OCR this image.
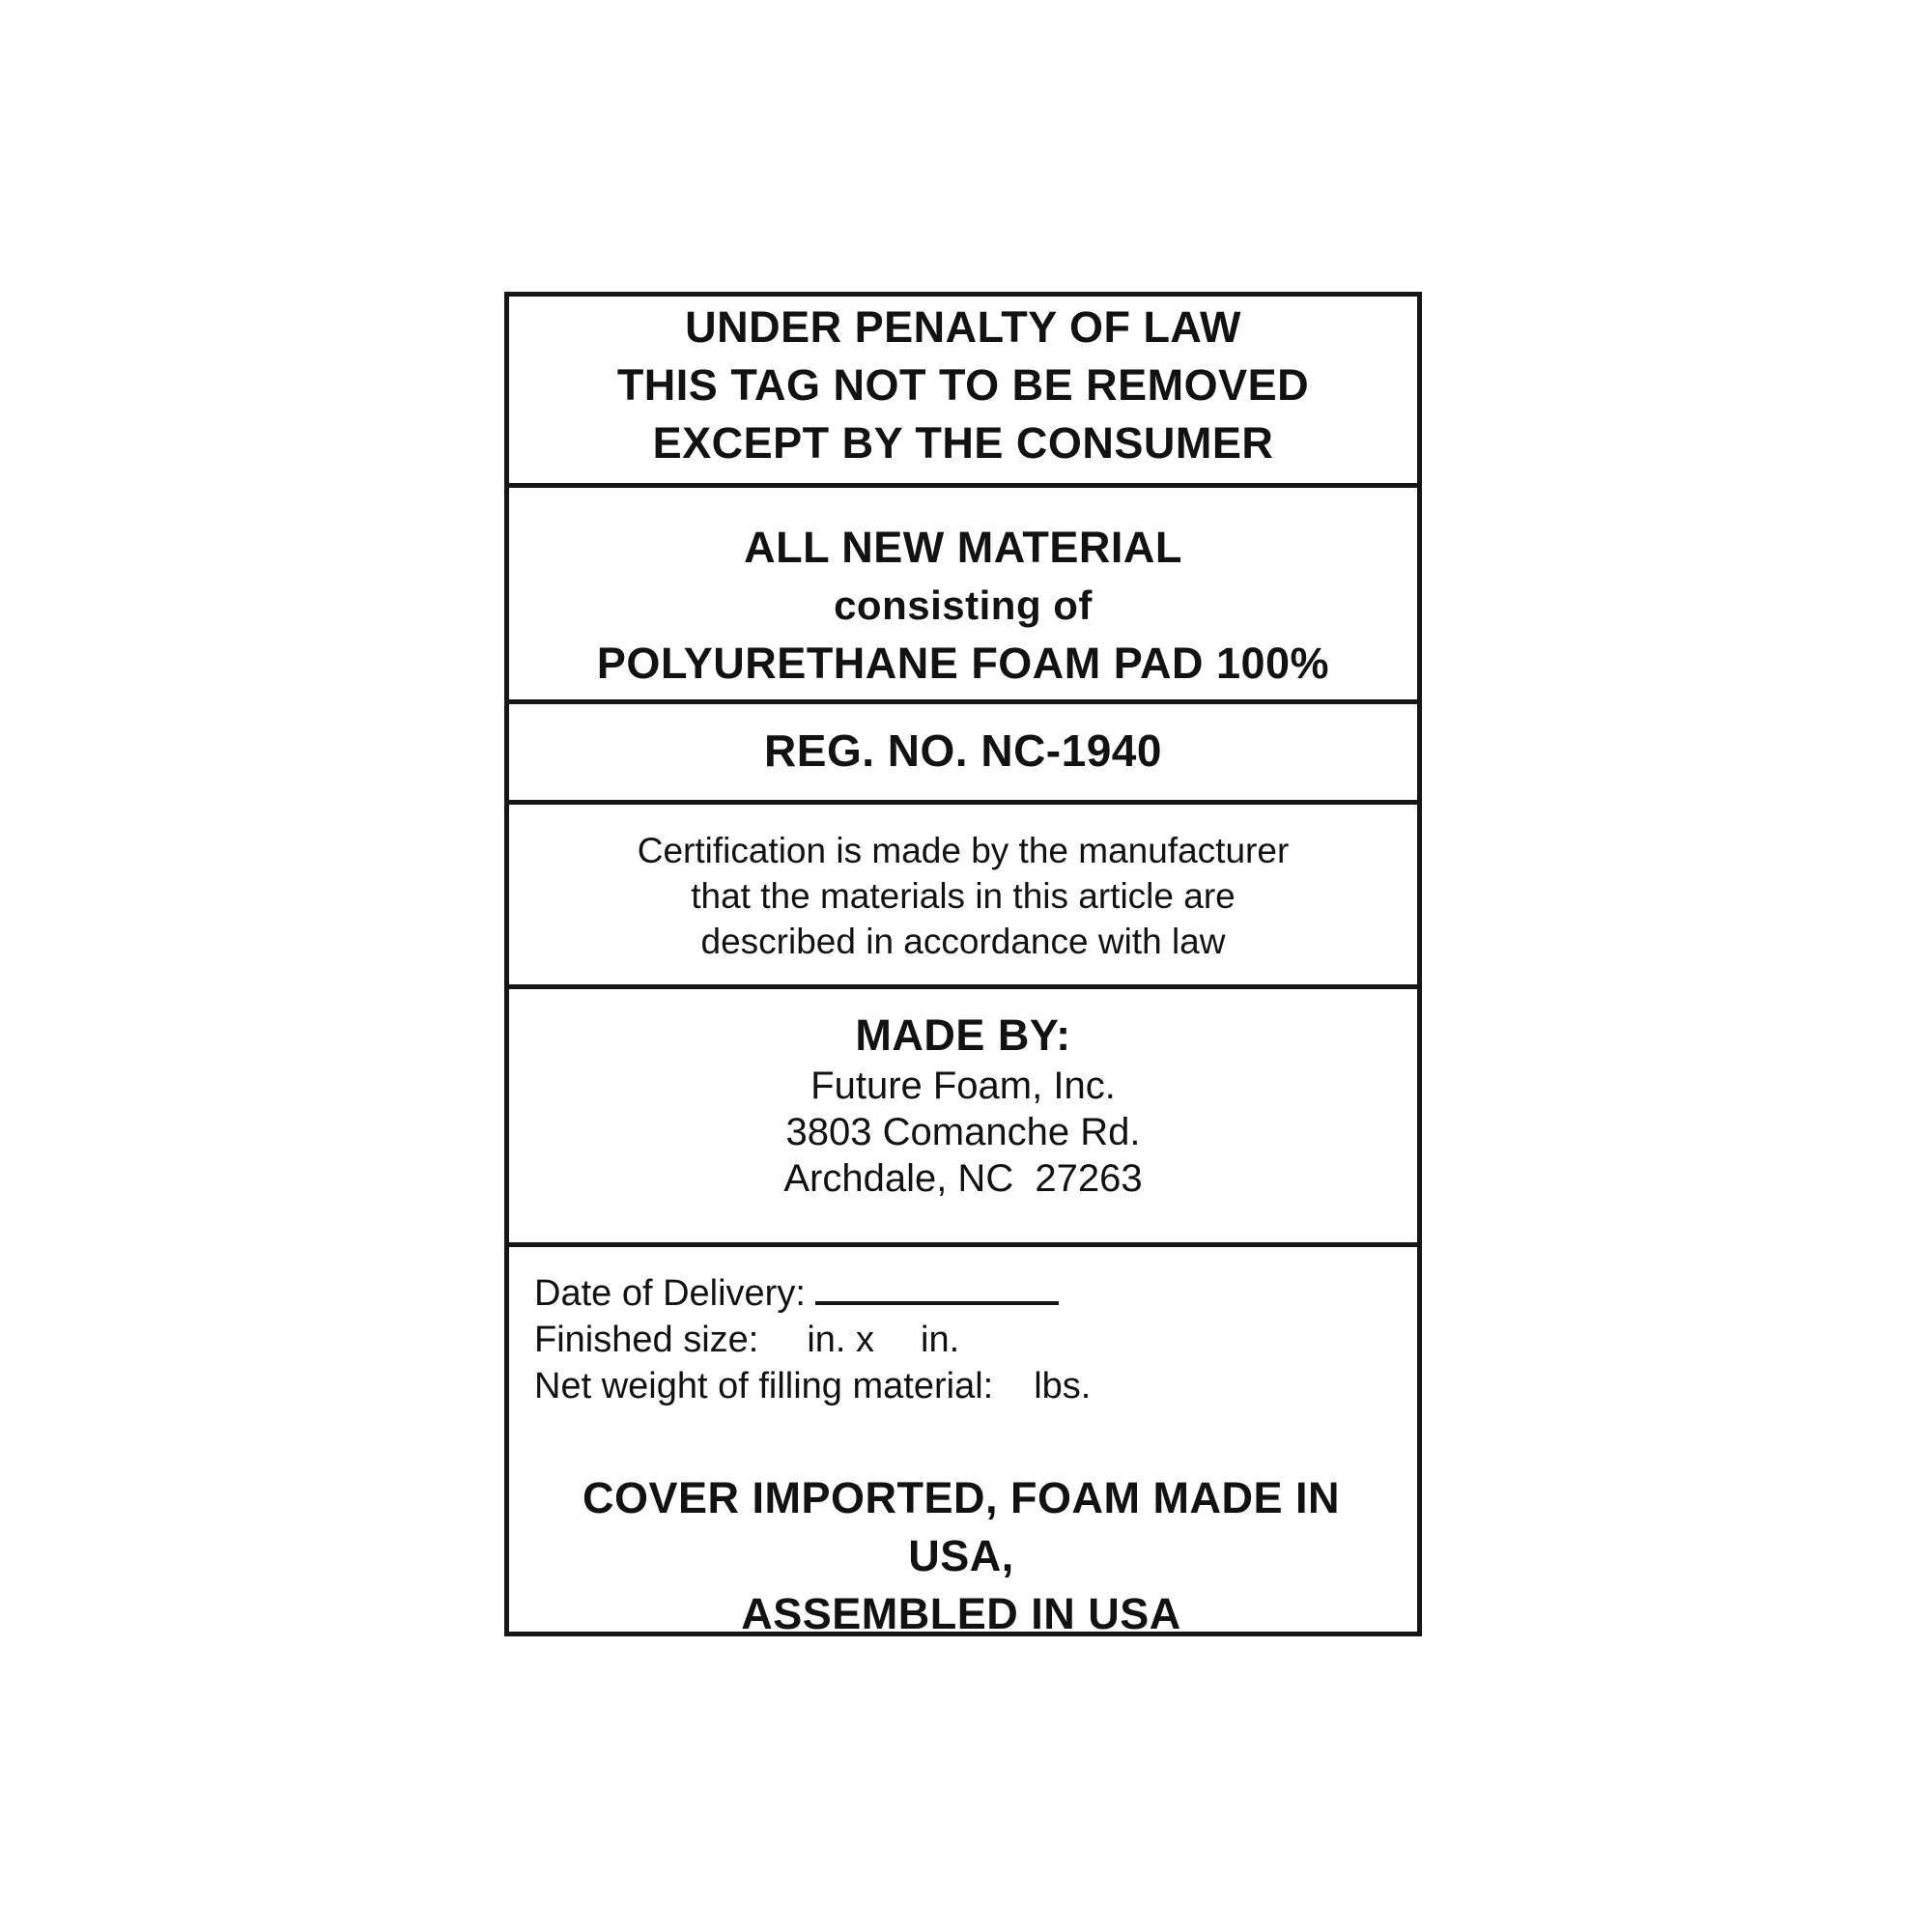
UNDER PENALTY OF LAW

THIS TAG NOT TO BE REMOVED

EXCEPT BY THE CONSUMER

ALL NEW MATERIAL

consisting of

POLYURETHANE FOAM PAD 100%

REG. NO. NC-1940

Certification is made by the manufacturer

that the materials in this article are

described in accordance with law

MADE BY:

Future Foam, Inc.

3803 Comanche Rd.

Archdale, NC  27263

Date of Delivery:

Finished size: in. x in.

Net weight of filling material: lbs.

COVER IMPORTED, FOAM MADE IN USA,

ASSEMBLED IN USA
